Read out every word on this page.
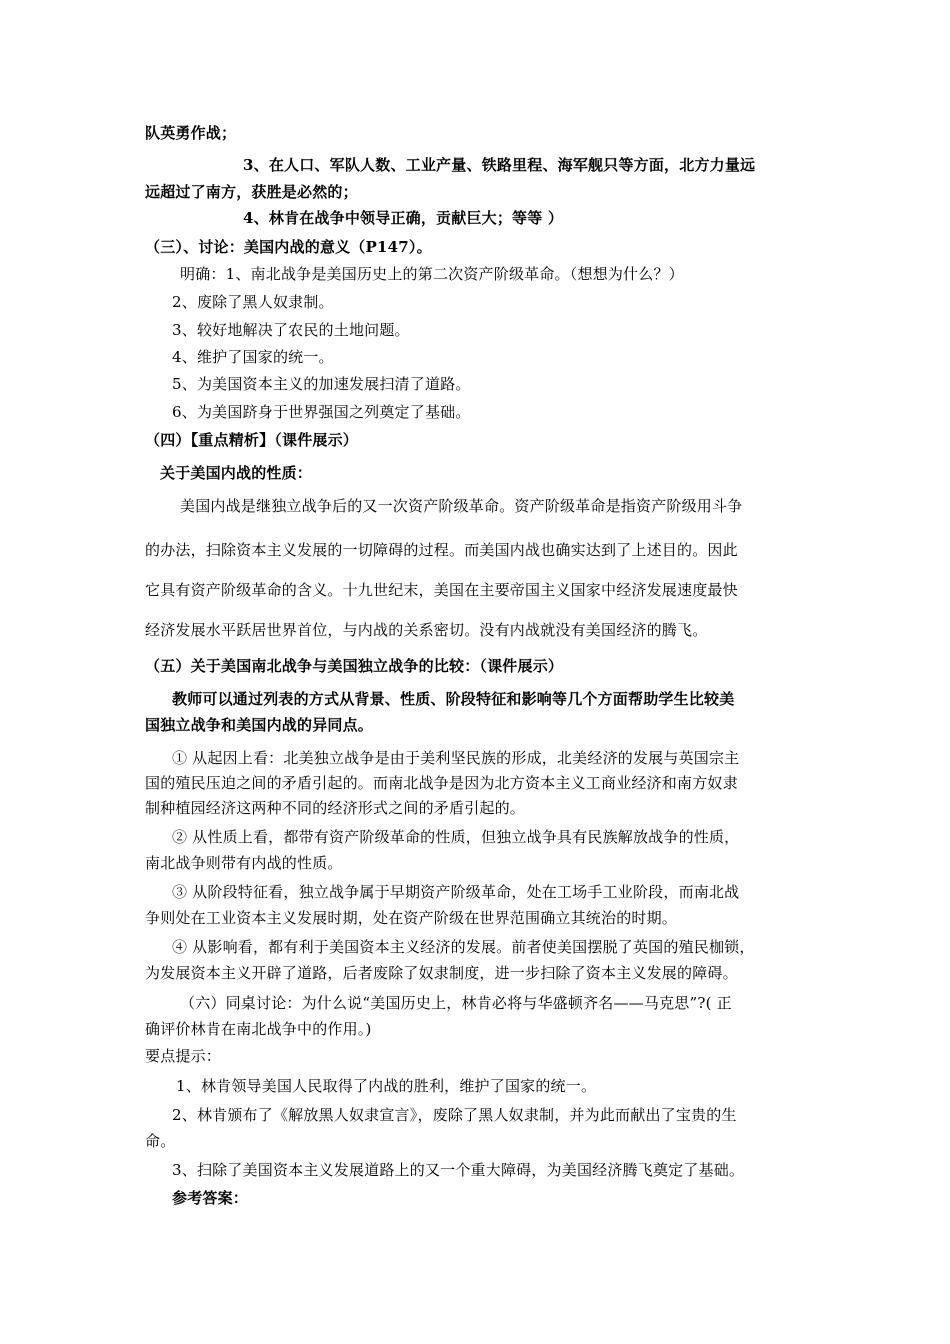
队英勇作战；
3、在人口、军队人数、工业产量、铁路里程、海军舰只等方面，北方力量远
远超过了南方，获胜是必然的；
4、林肯在战争中领导正确，贡献巨大；等等 ）
（三）、讨论：美国内战的意义（P147）。
明确：1、南北战争是美国历史上的第二次资产阶级革命。（想想为什么？）
2、废除了黑人奴隶制。
3、较好地解决了农民的土地问题。
4、维护了国家的统一。
5、为美国资本主义的加速发展扫清了道路。
6、为美国跻身于世界强国之列奠定了基础。
（四）【重点精析】（课件展示）
关于美国内战的性质：
美国内战是继独立战争后的又一次资产阶级革命。资产阶级革命是指资产阶级用斗争
的办法，扫除资本主义发展的一切障碍的过程。而美国内战也确实达到了上述目的。因此
它具有资产阶级革命的含义。十九世纪末，美国在主要帝国主义国家中经济发展速度最快
经济发展水平跃居世界首位，与内战的关系密切。没有内战就没有美国经济的腾飞。
（五）关于美国南北战争与美国独立战争的比较：（课件展示）
教师可以通过列表的方式从背景、性质、阶段特征和影响等几个方面帮助学生比较美
国独立战争和美国内战的异同点。
① 从起因上看：北美独立战争是由于美利坚民族的形成，北美经济的发展与英国宗主
国的殖民压迫之间的矛盾引起的。而南北战争是因为北方资本主义工商业经济和南方奴隶
制种植园经济这两种不同的经济形式之间的矛盾引起的。
② 从性质上看，都带有资产阶级革命的性质，但独立战争具有民族解放战争的性质，
南北战争则带有内战的性质。
③ 从阶段特征看，独立战争属于早期资产阶级革命，处在工场手工业阶段，而南北战
争则处在工业资本主义发展时期，处在资产阶级在世界范围确立其统治的时期。
④ 从影响看，都有利于美国资本主义经济的发展。前者使美国摆脱了英国的殖民枷锁，
为发展资本主义开辟了道路，后者废除了奴隶制度，进一步扫除了资本主义发展的障碍。
（六）同桌讨论：为什么说“美国历史上，林肯必将与华盛顿齐名——马克思”?( 正
确评价林肯在南北战争中的作用。)
要点提示：
1、林肯领导美国人民取得了内战的胜利，维护了国家的统一。
2、林肯颁布了《解放黑人奴隶宣言》，废除了黑人奴隶制，并为此而献出了宝贵的生
命。
3、扫除了美国资本主义发展道路上的又一个重大障碍，为美国经济腾飞奠定了基础。
参考答案：
